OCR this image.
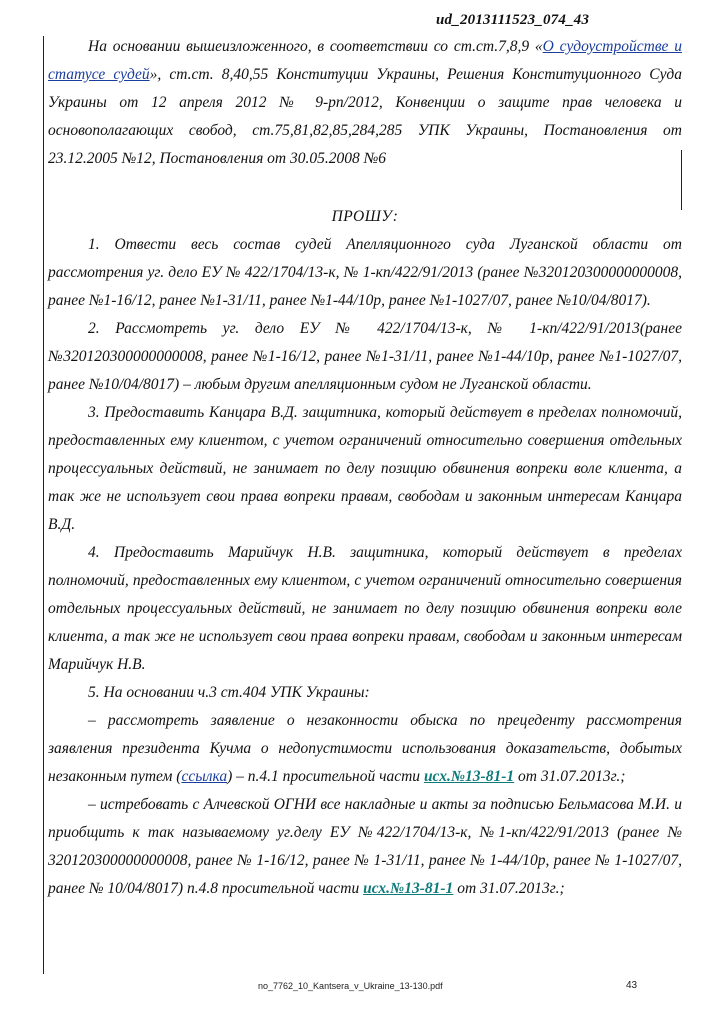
ud_2013111523_074_43

На основании вышеизложенного, в соответствии со ст.ст.7,8,9 «О судоустройстве и статусе судей», ст.ст. 8,40,55 Конституции Украины, Решения Конституционного Суда Украины от 12 апреля 2012 № 9-рп/2012, Конвенции о защите прав человека и основополагающих свобод, ст.75,81,82,85,284,285 УПК Украины, Постановления от 23.12.2005 №12, Постановления от 30.05.2008 №6

ПРОШУ:

1. Отвести весь состав судей Апелляционного суда Луганской области от рассмотрения уг. дело ЕУ № 422/1704/13-к, № 1-кп/422/91/2013 (ранее №320120300000000008, ранее №1-16/12, ранее №1-31/11, ранее №1-44/10р, ранее №1-1027/07, ранее №10/04/8017).

2. Рассмотреть уг. дело ЕУ № 422/1704/13-к, № 1-кп/422/91/2013(ранее №320120300000000008, ранее №1-16/12, ранее №1-31/11, ранее №1-44/10р, ранее №1-1027/07, ранее №10/04/8017) – любым другим апелляционным судом не Луганской области.

3. Предоставить Канцара В.Д. защитника, который действует в пределах полномочий, предоставленных ему клиентом, с учетом ограничений относительно совершения отдельных процессуальных действий, не занимает по делу позицию обвинения вопреки воле клиента, а так же не использует свои права вопреки правам, свободам и законным интересам Канцара В.Д.

4. Предоставить Марийчук Н.В. защитника, который действует в пределах полномочий, предоставленных ему клиентом, с учетом ограничений относительно совершения отдельных процессуальных действий, не занимает по делу позицию обвинения вопреки воле клиента, а так же не использует свои права вопреки правам, свободам и законным интересам Марийчук Н.В.

5. На основании ч.3 ст.404 УПК Украины:

– рассмотреть заявление о незаконности обыска по прецеденту рассмотрения заявления президента Кучма о недопустимости использования доказательств, добытых незаконным путем (ссылка) – п.4.1 просительной части исх.№13-81-1 от 31.07.2013г.;

– истребовать с Алчевской ОГНИ все накладные и акты за подписью Бельмасова М.И. и приобщить к так называемому уг.делу ЕУ №422/1704/13-к, №1-кп/422/91/2013 (ранее № 320120300000000008, ранее № 1-16/12, ранее № 1-31/11, ранее № 1-44/10р, ранее № 1-1027/07, ранее № 10/04/8017) п.4.8 просительной части исх.№13-81-1 от 31.07.2013г.;

no_7762_10_Kantsera_v_Ukraine_13-130.pdf	43
